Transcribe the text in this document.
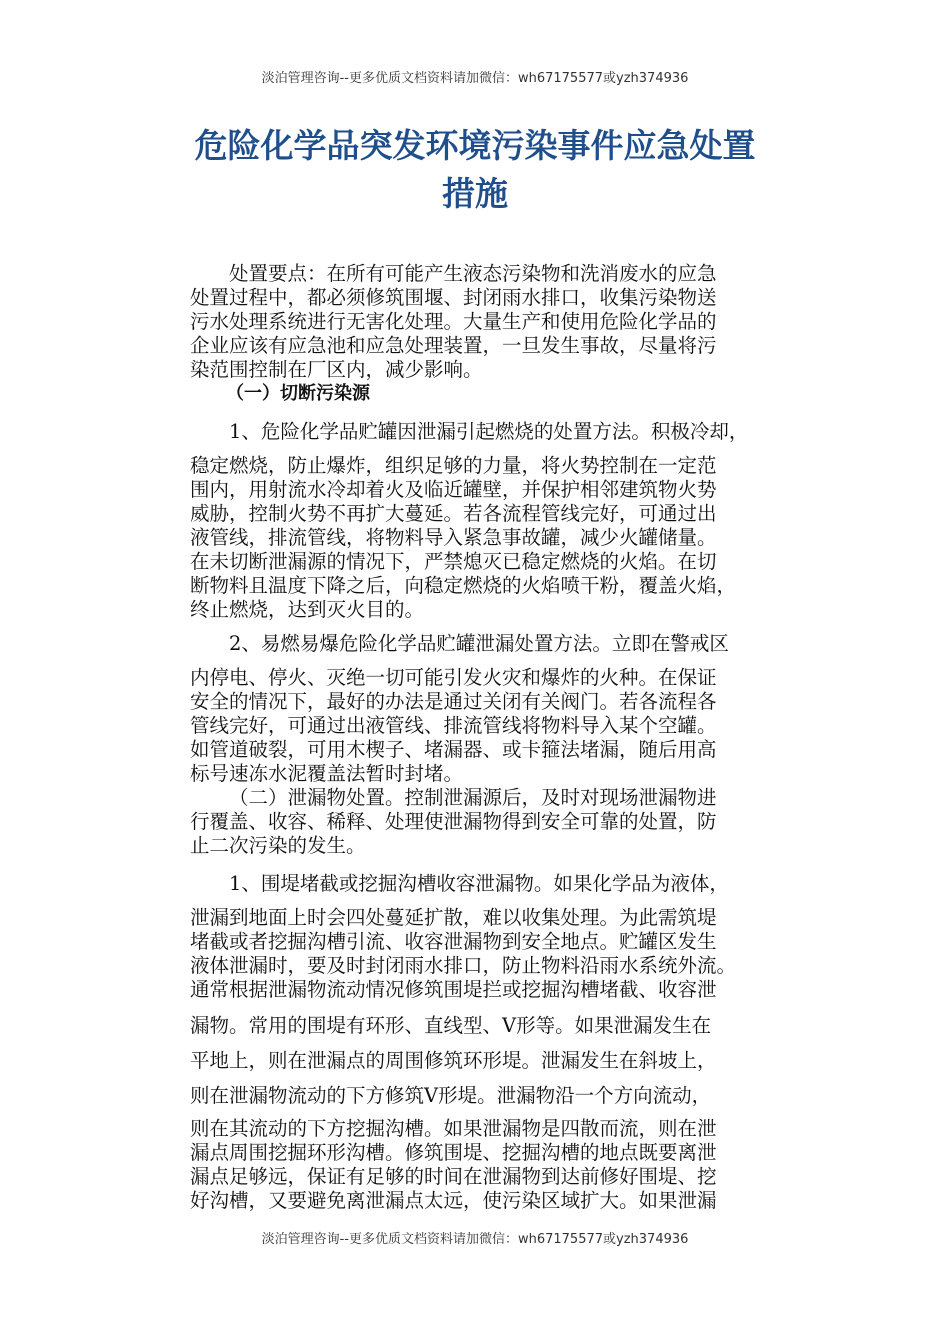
淡泊管理咨询--更多优质文档资料请加微信：wh67175577或yzh374936
危险化学品突发环境污染事件应急处置
措施

处置要点：在所有可能产生液态污染物和洗消废水的应急
处置过程中，都必须修筑围堰、封闭雨水排口，收集污染物送
污水处理系统进行无害化处理。大量生产和使用危险化学品的
企业应该有应急池和应急处理装置，一旦发生事故，尽量将污
染范围控制在厂区内，减少影响。

（一）切断污染源

1、危险化学品贮罐因泄漏引起燃烧的处置方法。积极冷却，

稳定燃烧，防止爆炸，组织足够的力量，将火势控制在一定范
围内，用射流水冷却着火及临近罐壁，并保护相邻建筑物火势
威胁，控制火势不再扩大蔓延。若各流程管线完好，可通过出
液管线，排流管线，将物料导入紧急事故罐，减少火罐储量。
在未切断泄漏源的情况下，严禁熄灭已稳定燃烧的火焰。在切
断物料且温度下降之后，向稳定燃烧的火焰喷干粉，覆盖火焰，
终止燃烧，达到灭火目的。

2、易燃易爆危险化学品贮罐泄漏处置方法。立即在警戒区

内停电、停火、灭绝一切可能引发火灾和爆炸的火种。在保证
安全的情况下，最好的办法是通过关闭有关阀门。若各流程各
管线完好，可通过出液管线、排流管线将物料导入某个空罐。
如管道破裂，可用木楔子、堵漏器、或卡箍法堵漏，随后用高
标号速冻水泥覆盖法暂时封堵。

（二）泄漏物处置。控制泄漏源后，及时对现场泄漏物进
行覆盖、收容、稀释、处理使泄漏物得到安全可靠的处置，防
止二次污染的发生。

1、围堤堵截或挖掘沟槽收容泄漏物。如果化学品为液体，

泄漏到地面上时会四处蔓延扩散，难以收集处理。为此需筑堤
堵截或者挖掘沟槽引流、收容泄漏物到安全地点。贮罐区发生
液体泄漏时，要及时封闭雨水排口，防止物料沿雨水系统外流。
通常根据泄漏物流动情况修筑围堤拦或挖掘沟槽堵截、收容泄

漏物。常用的围堤有环形、直线型、V形等。如果泄漏发生在
平地上，则在泄漏点的周围修筑环形堤。泄漏发生在斜坡上，
则在泄漏物流动的下方修筑V形堤。泄漏物沿一个方向流动，

则在其流动的下方挖掘沟槽。如果泄漏物是四散而流，则在泄
漏点周围挖掘环形沟槽。修筑围堤、挖掘沟槽的地点既要离泄
漏点足够远，保证有足够的时间在泄漏物到达前修好围堤、挖
好沟槽，又要避免离泄漏点太远，使污染区域扩大。如果泄漏

淡泊管理咨询--更多优质文档资料请加微信：wh67175577或yzh374936
